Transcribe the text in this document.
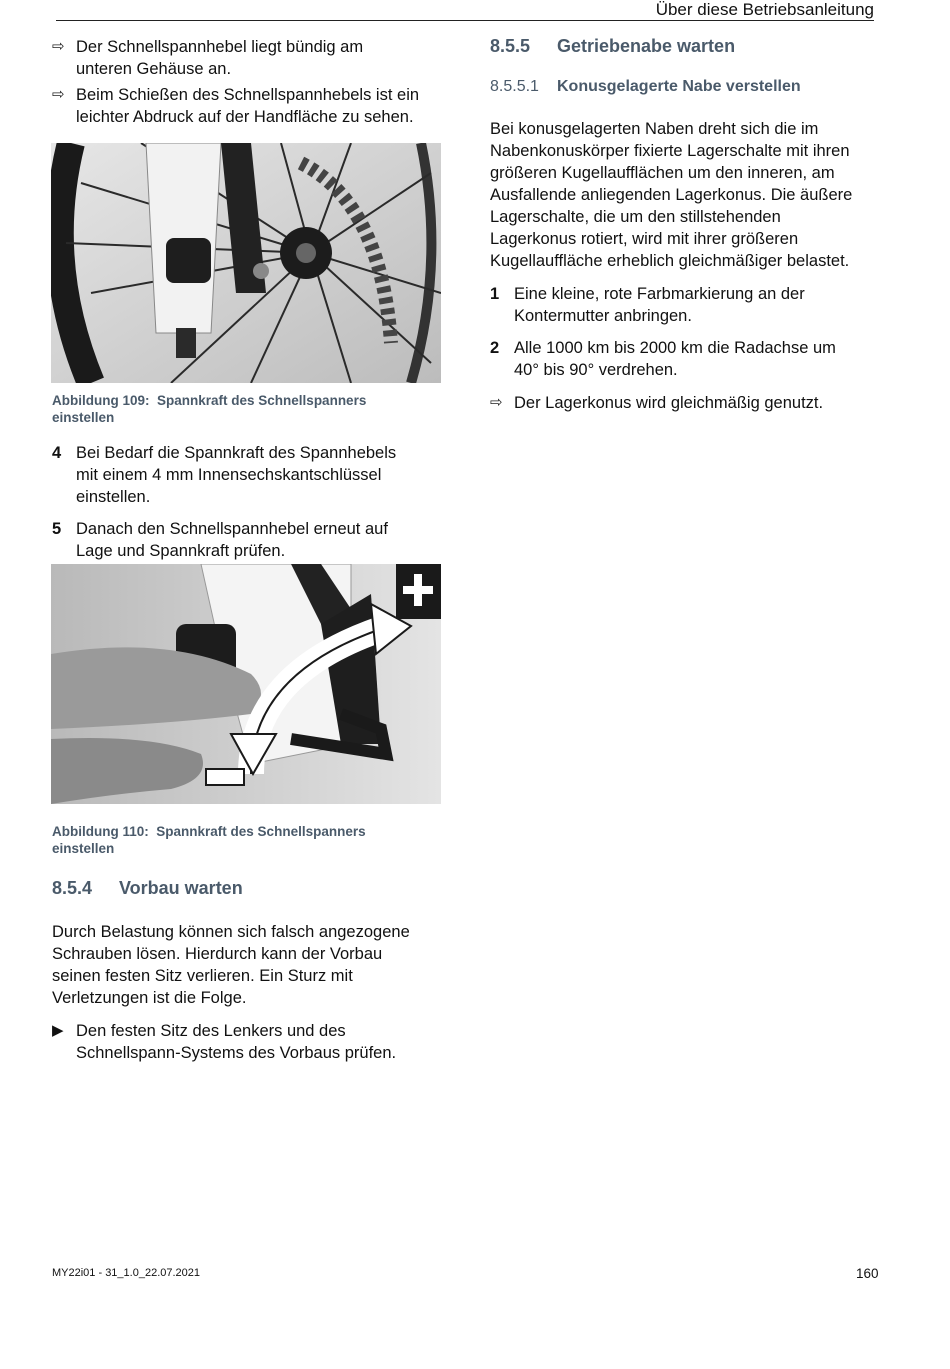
Über diese Betriebsanleitung
⇨ Der Schnellspannhebel liegt bündig am
unteren Gehäuse an.
⇨ Beim Schießen des Schnellspannhebels ist ein
leichter Abdruck auf der Handfläche zu sehen.
Abbildung 109: Spannkraft des Schnellspanners
einstellen
4 Bei Bedarf die Spannkraft des Spannhebels
mit einem 4 mm Innensechskantschlüssel
einstellen.
5 Danach den Schnellspannhebel erneut auf
Lage und Spannkraft prüfen.
Abbildung 110: Spannkraft des Schnellspanners
einstellen
8.5.4 Vorbau warten
Durch Belastung können sich falsch angezogene
Schrauben lösen. Hierdurch kann der Vorbau
seinen festen Sitz verlieren. Ein Sturz mit
Verletzungen ist die Folge.
▶ Den festen Sitz des Lenkers und des
Schnellspann-Systems des Vorbaus prüfen.
8.5.5 Getriebenabe warten
8.5.5.1 Konusgelagerte Nabe verstellen
Bei konusgelagerten Naben dreht sich die im
Nabenkonuskörper fixierte Lagerschalte mit ihren
größeren Kugellaufflächen um den inneren, am
Ausfallende anliegenden Lagerkonus. Die äußere
Lagerschalte, die um den stillstehenden
Lagerkonus rotiert, wird mit ihrer größeren
Kugellauffläche erheblich gleichmäßiger belastet.
1 Eine kleine, rote Farbmarkierung an der
Kontermutter anbringen.
2 Alle 1000 km bis 2000 km die Radachse um
40° bis 90° verdrehen.
⇨ Der Lagerkonus wird gleichmäßig genutzt.
MY22i01 - 31_1.0_22.07.2021	160
